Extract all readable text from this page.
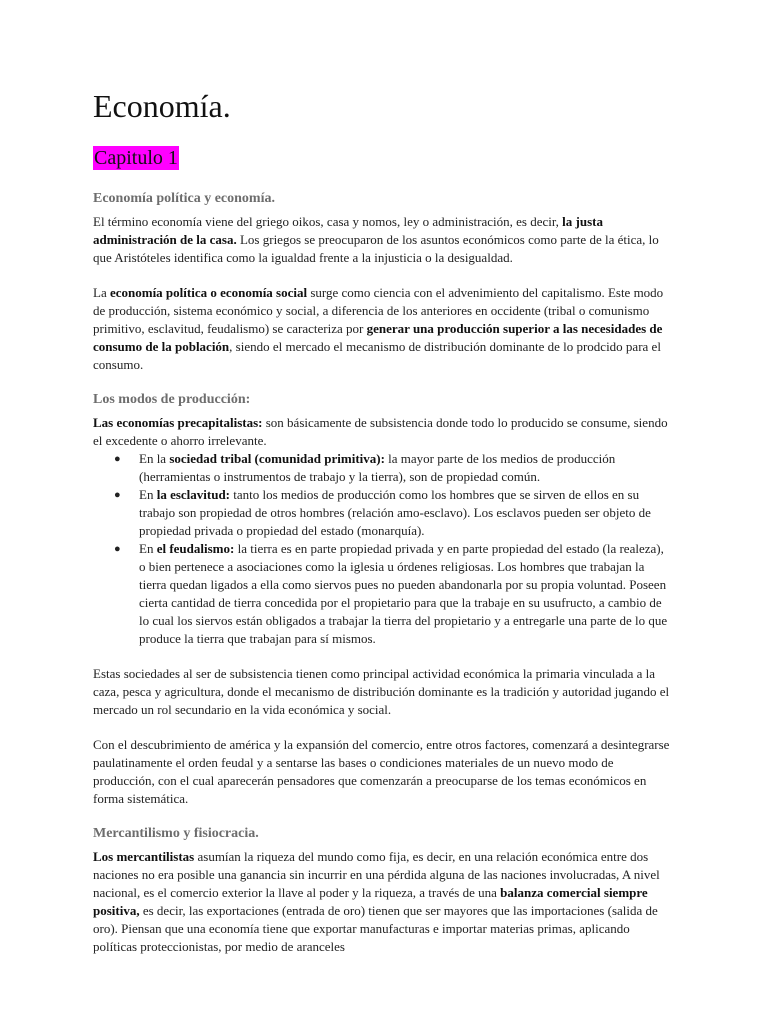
Economía.
Capitulo 1
Economía política y economía.

El término economía viene del griego oikos, casa y nomos, ley o administración, es decir, la justa administración de la casa. Los griegos se preocuparon de los asuntos económicos como parte de la ética, lo que Aristóteles identifica como la igualdad frente a la injusticia o la desigualdad.

La economía política o economía social surge como ciencia con el advenimiento del capitalismo. Este modo de producción, sistema económico y social, a diferencia de los anteriores en occidente (tribal o comunismo primitivo, esclavitud, feudalismo) se caracteriza por generar una producción superior a las necesidades de consumo de la población, siendo el mercado el mecanismo de distribución dominante de lo prodcido para el consumo.

Los modos de producción:

Las economías precapitalistas: son básicamente de subsistencia donde todo lo producido se consume, siendo el excedente o ahorro irrelevante.

● En la sociedad tribal (comunidad primitiva): la mayor parte de los medios de producción (herramientas o instrumentos de trabajo y la tierra), son de propiedad común.
● En la esclavitud: tanto los medios de producción como los hombres que se sirven de ellos en su trabajo son propiedad de otros hombres (relación amo-esclavo). Los esclavos pueden ser objeto de propiedad privada o propiedad del estado (monarquía).
● En el feudalismo: la tierra es en parte propiedad privada y en parte propiedad del estado (la realeza), o bien pertenece a asociaciones como la iglesia u órdenes religiosas. Los hombres que trabajan la tierra quedan ligados a ella como siervos pues no pueden abandonarla por su propia voluntad. Poseen cierta cantidad de tierra concedida por el propietario para que la trabaje en su usufructo, a cambio de lo cual los siervos están obligados a trabajar la tierra del propietario y a entregarle una parte de lo que produce la tierra que trabajan para sí mismos.

Estas sociedades al ser de subsistencia tienen como principal actividad económica la primaria vinculada a la caza, pesca y agricultura, donde el mecanismo de distribución dominante es la tradición y autoridad jugando el mercado un rol secundario en la vida económica y social.

Con el descubrimiento de américa y la expansión del comercio, entre otros factores, comenzará a desintegrarse paulatinamente el orden feudal y a sentarse las bases o condiciones materiales de un nuevo modo de producción, con el cual aparecerán pensadores que comenzarán a preocuparse de los temas económicos en forma sistemática.

Mercantilismo y fisiocracia.

Los mercantilistas asumían la riqueza del mundo como fija, es decir, en una relación económica entre dos naciones no era posible una ganancia sin incurrir en una pérdida alguna de las naciones involucradas, A nivel nacional, es el comercio exterior la llave al poder y la riqueza, a través de una balanza comercial siempre positiva, es decir, las exportaciones (entrada de oro) tienen que ser mayores que las importaciones (salida de oro). Piensan que una economía tiene que exportar manufacturas e importar materias primas, aplicando políticas proteccionistas, por medio de aranceles
